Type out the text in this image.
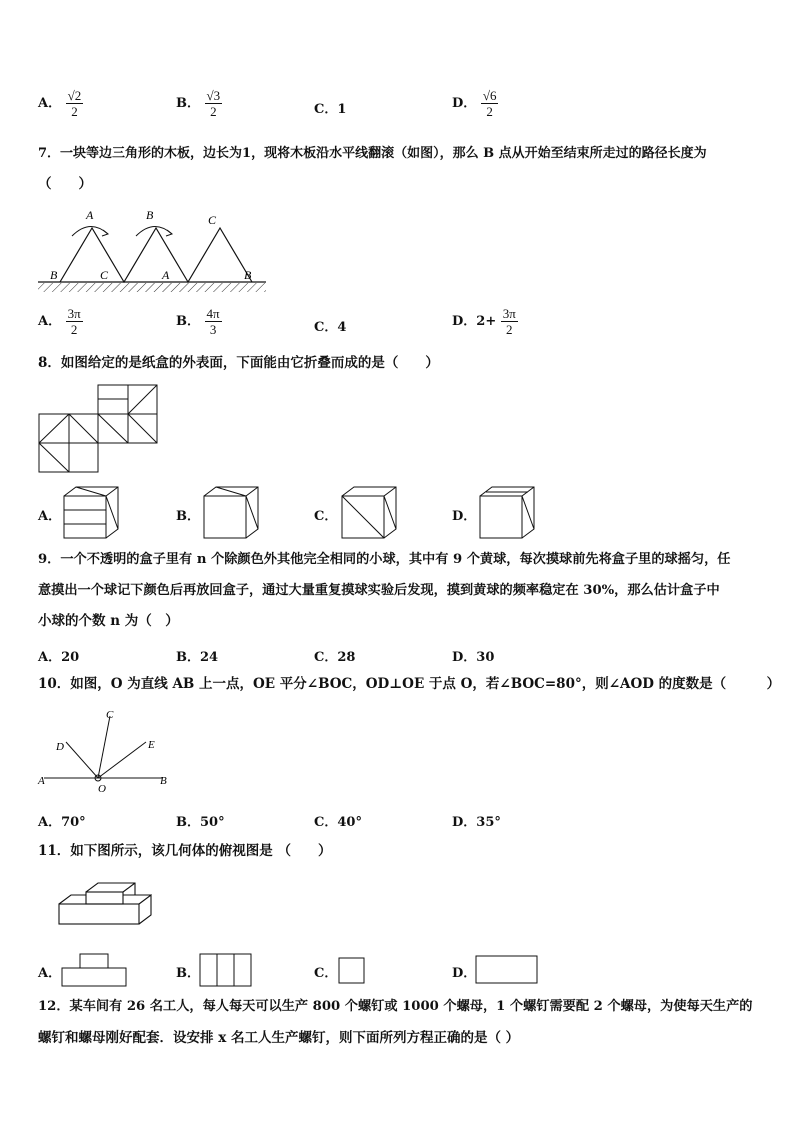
A． $\frac{√2}{2}$	B． $\frac{√3}{2}$	C．1	D． $\frac{√6}{2}$
7．一块等边三角形的木板，边长为1，现将木板沿水平线翻滚（如图），那么 B 点从开始至结束所走过的路径长度为
（　　）
A	B	C
B	C	A	B
A． $\frac{3\pi}{2}$	B． $\frac{4\pi}{3}$	C．4	D．$2+ \frac{3\pi}{2}$
8．如图给定的是纸盒的外表面，下面能由它折叠而成的是（　　）
A．	B．	C．	D．
9．一个不透明的盒子里有 n 个除颜色外其他完全相同的小球，其中有 9 个黄球，每次摸球前先将盒子里的球摇匀，任
意摸出一个球记下颜色后再放回盒子，通过大量重复摸球实验后发现，摸到黄球的频率稳定在 30%，那么估计盒子中
小球的个数 n 为（　）
A．20	B．24	C．28	D．30
10．如图，O 为直线 AB 上一点，OE 平分∠BOC，OD⊥OE 于点 O，若∠BOC=80°，则∠AOD 的度数是（　　　）
C
D	E
A
O
B
A．70°	B．50°	C．40°	D．35°
11．如下图所示，该几何体的俯视图是 （　　）
A．	B．	C．	D．
12．某车间有 26 名工人，每人每天可以生产 800 个螺钉或 1000 个螺母，1 个螺钉需要配 2 个螺母，为使每天生产的
螺钉和螺母刚好配套．设安排 x 名工人生产螺钉，则下面所列方程正确的是（ ）
